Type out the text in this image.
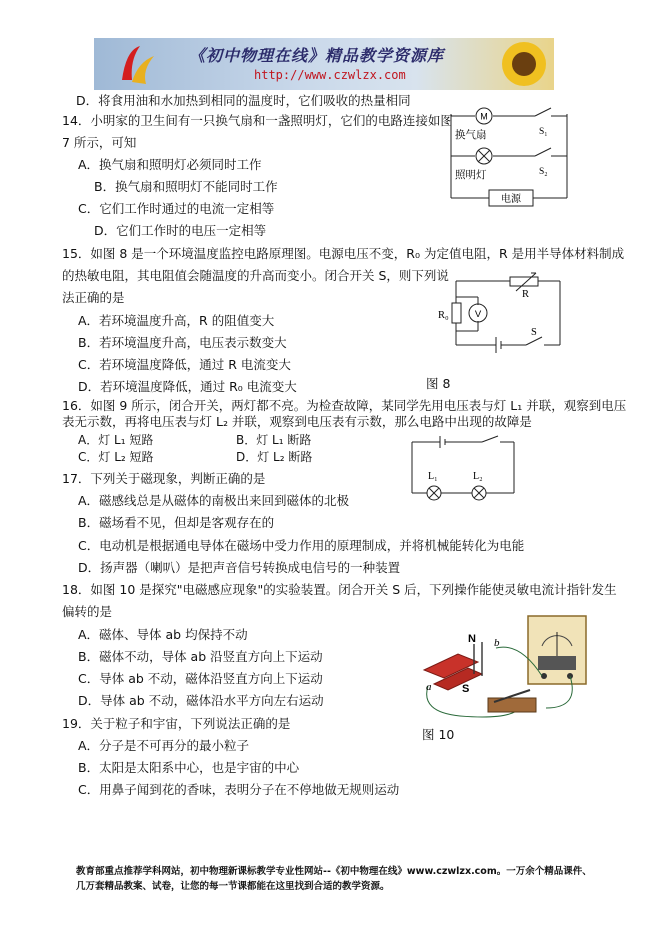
《初中物理在线》精品教学资源库
http://www.czwlzx.com
D．将食用油和水加热到相同的温度时，它们吸收的热量相同
14．小明家的卫生间有一只换气扇和一盏照明灯，它们的电路连接如图
7 所示，可知
A．换气扇和照明灯必须同时工作
B．换气扇和照明灯不能同时工作
C．它们工作时通过的电流一定相等
D．它们工作时的电压一定相等
15．如图 8 是一个环境温度监控电路原理图。电源电压不变，R₀ 为定值电阻，R 是用半导体材料制成
的热敏电阻，其电阻值会随温度的升高而变小。闭合开关 S，则下列说
法正确的是
A．若环境温度升高，R 的阻值变大
B．若环境温度升高，电压表示数变大
C．若环境温度降低，通过 R 电流变大
D．若环境温度降低，通过 R₀ 电流变大
16．如图 9 所示，闭合开关，两灯都不亮。为检查故障，某同学先用电压表与灯 L₁ 并联，观察到电压
表无示数，再将电压表与灯 L₂ 并联，观察到电压表有示数，那么电路中出现的故障是
A．灯 L₁ 短路	B．灯 L₁ 断路
C．灯 L₂ 短路	D．灯 L₂ 断路
17．下列关于磁现象，判断正确的是
A．磁感线总是从磁体的南极出来回到磁体的北极
B．磁场看不见，但却是客观存在的
C．电动机是根据通电导体在磁场中受力作用的原理制成，并将机械能转化为电能
D．扬声器（喇叭）是把声音信号转换成电信号的一种装置
18．如图 10 是探究"电磁感应现象"的实验装置。闭合开关 S 后，下列操作能使灵敏电流计指针发生
偏转的是
A．磁体、导体 ab 均保持不动
B．磁体不动，导体 ab 沿竖直方向上下运动
C．导体 ab 不动，磁体沿竖直方向上下运动
D．导体 ab 不动，磁体沿水平方向左右运动
19．关于粒子和宇宙，下列说法正确的是
A．分子是不可再分的最小粒子
B．太阳是太阳系中心，也是宇宙的中心
C．用鼻子闻到花的香味，表明分子在不停地做无规则运动
M
换气扇
照明灯
S₁
S₂
电源
R
R₀	V
S
图 8
L₁	L₂
N
S
a
b
图 10
教育部重点推荐学科网站，初中物理新课标教学专业性网站--《初中物理在线》www.czwlzx.com。一万余个精品课件、
几万套精品教案、试卷，让您的每一节课都能在这里找到合适的教学资源。
